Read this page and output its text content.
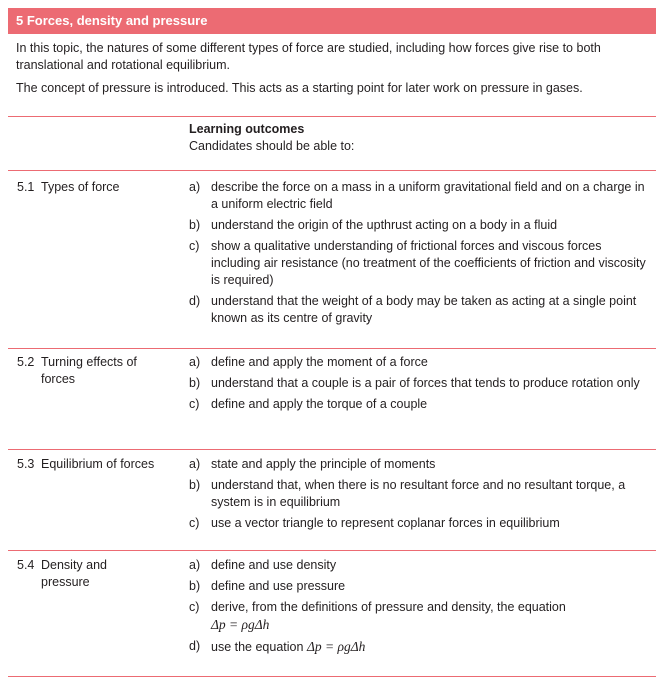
5 Forces, density and pressure

In this topic, the natures of some different types of force are studied, including how forces give rise to both translational and rotational equilibrium.

The concept of pressure is introduced. This acts as a starting point for later work on pressure in gases.

Learning outcomes
Candidates should be able to:
5.1 Types of force	a) describe the force on a mass in a uniform gravitational field and on a charge in a uniform electric field
b) understand the origin of the upthrust acting on a body in a fluid
c) show a qualitative understanding of frictional forces and viscous forces including air resistance (no treatment of the coefficients of friction and viscosity is required)
d) understand that the weight of a body may be taken as acting at a single point known as its centre of gravity
5.2 Turning effects of forces
a) define and apply the moment of a force
b) understand that a couple is a pair of forces that tends to produce rotation only
c) define and apply the torque of a couple
5.3 Equilibrium of forces	a) state and apply the principle of moments
b) understand that, when there is no resultant force and no resultant torque, a system is in equilibrium
c) use a vector triangle to represent coplanar forces in equilibrium
5.4 Density and pressure
a) define and use density
b) define and use pressure
c) derive, from the definitions of pressure and density, the equation
Δp = ρgΔh
d) use the equation Δp = ρgΔh
